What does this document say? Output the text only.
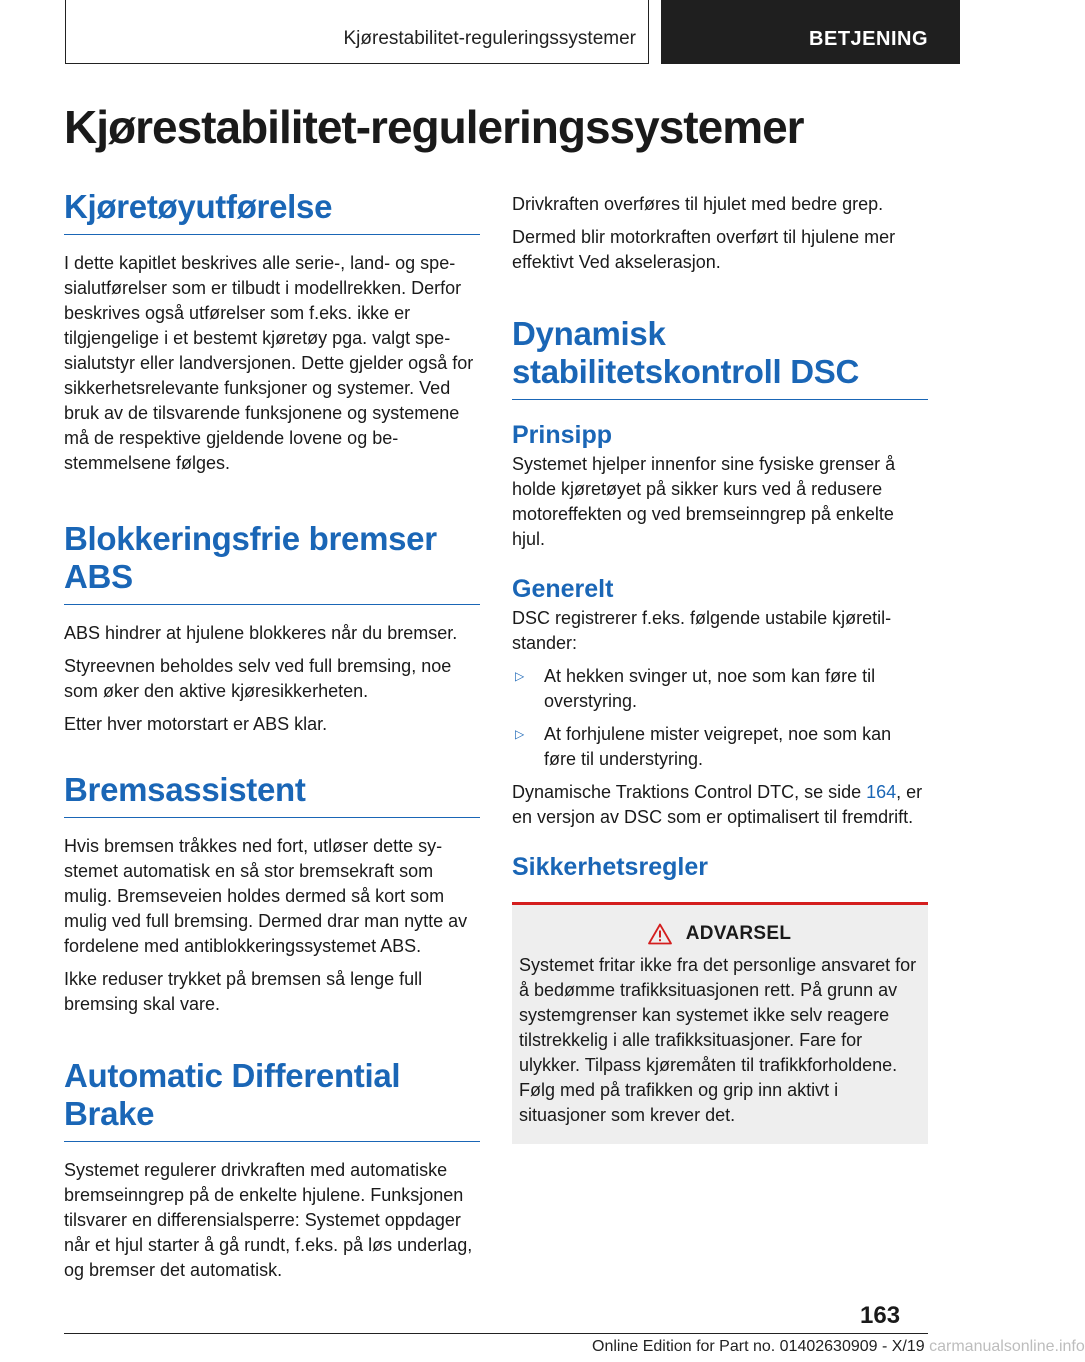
Kjørestabilitet-reguleringssystemer	BETJENING
Kjørestabilitet-reguleringssystemer
Kjøretøyutførelse

I dette kapitlet beskrives alle serie-, land- og spesialutførelser som er tilbudt i modellrekken. Derfor beskrives også utførelser som f.eks. ikke er tilgjengelige i et bestemt kjøretøy pga. valgt spesialutstyr eller landversjonen. Dette gjelder også for sikkerhetsrelevante funksjoner og systemer. Ved bruk av de tilsvarende funksjonene og systemene må de respektive gjeldende lovene og bestemmelsene følges.

Blokkeringsfrie bremser ABS

ABS hindrer at hjulene blokkeres når du bremser.

Styreevnen beholdes selv ved full bremsing, noe som øker den aktive kjøresikkerheten.

Etter hver motorstart er ABS klar.

Bremsassistent

Hvis bremsen tråkkes ned fort, utløser dette systemet automatisk en så stor bremsekraft som mulig. Bremseveien holdes dermed så kort som mulig ved full bremsing. Dermed drar man nytte av fordelene med antiblokkeringssystemet ABS.

Ikke reduser trykket på bremsen så lenge full bremsing skal vare.

Automatic Differential Brake

Systemet regulerer drivkraften med automatiske bremseinngrep på de enkelte hjulene. Funksjonen tilsvarer en differensialsperre: Systemet oppdager når et hjul starter å gå rundt, f.eks. på løs underlag, og bremser det automatisk.

Drivkraften overføres til hjulet med bedre grep.

Dermed blir motorkraften overført til hjulene mer effektivt Ved akselerasjon.

Dynamisk stabilitetskontroll DSC
Prinsipp

Systemet hjelper innenfor sine fysiske grenser å holde kjøretøyet på sikker kurs ved å redusere motoreffekten og ved bremseinngrep på enkelte hjul.

Generelt

DSC registrerer f.eks. følgende ustabile kjøretilstander:

▷	At hekken svinger ut, noe som kan føre til overstyring.
▷	At forhjulene mister veigrepet, noe som kan føre til understyring.

Dynamische Traktions Control DTC, se side 164, er en versjon av DSC som er optimalisert til fremdrift.

Sikkerhetsregler
ADVARSEL

Systemet fritar ikke fra det personlige ansvaret for å bedømme trafikksituasjonen rett. På grunn av systemgrenser kan systemet ikke selv reagere tilstrekkelig i alle trafikksituasjoner. Fare for ulykker. Tilpass kjøremåten til trafikkforholdene. Følg med på trafikken og grip inn aktivt i situasjoner som krever det.

163
Online Edition for Part no. 01402630909 - X/19 carmanualsonline.info
